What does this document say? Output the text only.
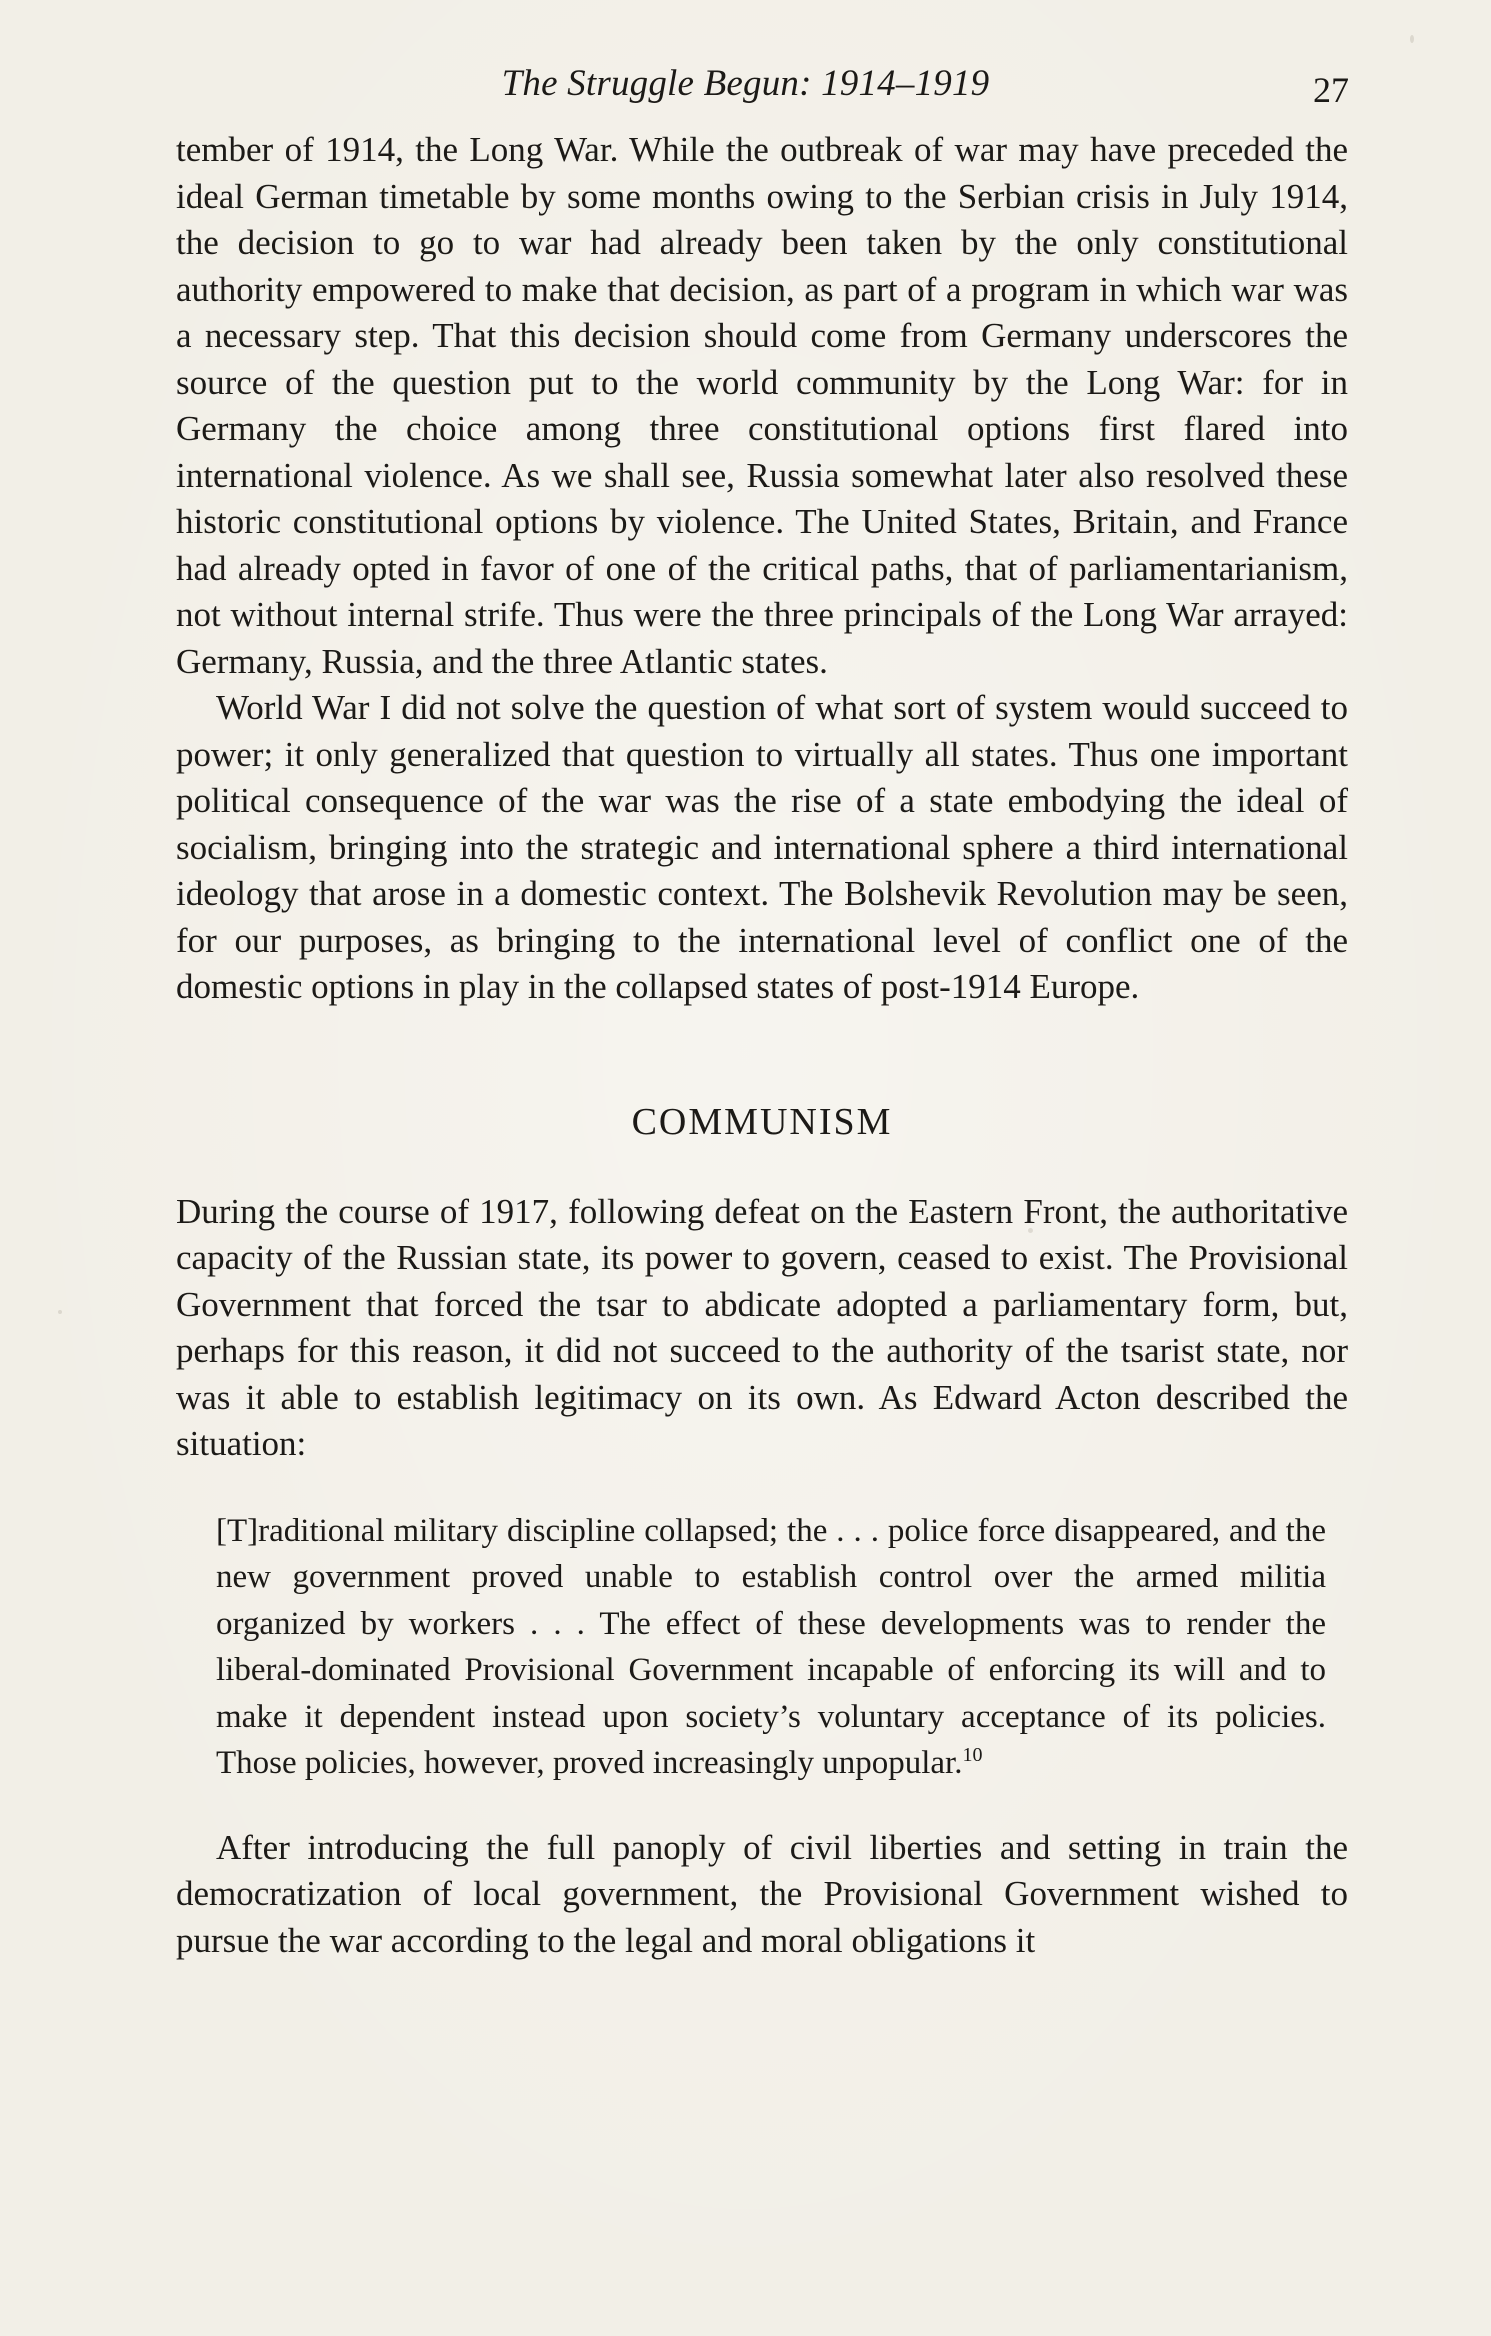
The Struggle Begun: 1914–1919	27

tember of 1914, the Long War. While the outbreak of war may have preceded the ideal German timetable by some months owing to the Serbian crisis in July 1914, the decision to go to war had already been taken by the only constitutional authority empowered to make that decision, as part of a program in which war was a necessary step. That this decision should come from Germany underscores the source of the question put to the world community by the Long War: for in Germany the choice among three constitutional options first flared into international violence. As we shall see, Russia somewhat later also resolved these historic constitutional options by violence. The United States, Britain, and France had already opted in favor of one of the critical paths, that of parliamentarianism, not without internal strife. Thus were the three principals of the Long War arrayed: Germany, Russia, and the three Atlantic states.

World War I did not solve the question of what sort of system would succeed to power; it only generalized that question to virtually all states. Thus one important political consequence of the war was the rise of a state embodying the ideal of socialism, bringing into the strategic and international sphere a third international ideology that arose in a domestic context. The Bolshevik Revolution may be seen, for our purposes, as bringing to the international level of conflict one of the domestic options in play in the collapsed states of post-1914 Europe.

COMMUNISM

During the course of 1917, following defeat on the Eastern Front, the authoritative capacity of the Russian state, its power to govern, ceased to exist. The Provisional Government that forced the tsar to abdicate adopted a parliamentary form, but, perhaps for this reason, it did not succeed to the authority of the tsarist state, nor was it able to establish legitimacy on its own. As Edward Acton described the situation:

[T]raditional military discipline collapsed; the . . . police force disappeared, and the new government proved unable to establish control over the armed militia organized by workers . . . The effect of these developments was to render the liberal-dominated Provisional Government incapable of enforcing its will and to make it dependent instead upon society’s voluntary acceptance of its policies. Those policies, however, proved increasingly unpopular.$^{10}$

After introducing the full panoply of civil liberties and setting in train the democratization of local government, the Provisional Government wished to pursue the war according to the legal and moral obligations it
